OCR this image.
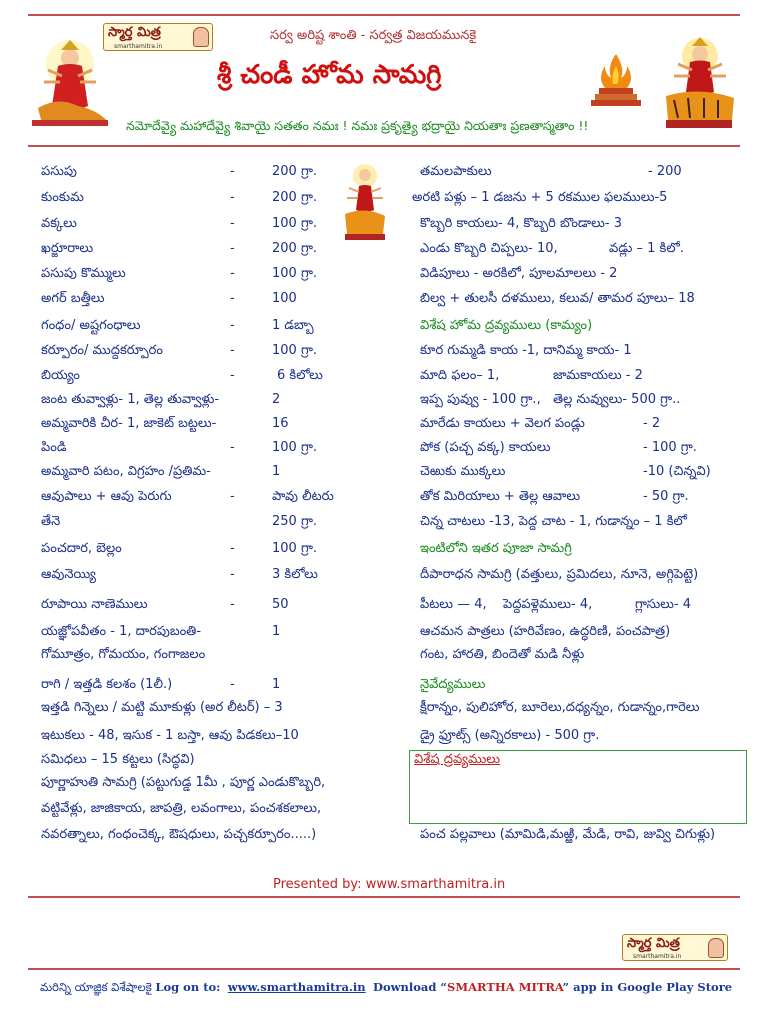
స్మార్త మిత్ర
smarthamitra.in
సర్వ అరిష్ట శాంతి - సర్వత్ర విజయమునకై
శ్రీ చండీ హోమ సామగ్రి
నమోదేవ్యై మహాదేవ్యై శివాయై సతతం నమః ! నమః ప్రకృత్యై భద్రాయై నియతాః ప్రణతాస్మతాం !!
పసుపు	-	200 గ్రా.
కుంకుమ	-	200 గ్రా.
వక్కలు	-	100 గ్రా.
ఖర్జూరాలు	-	200 గ్రా.
పసుపు కొమ్ములు	-	100 గ్రా.
అగర్ బత్తీలు	-	100
గంధం/ అష్టగంధాలు	-	1 డబ్బా
కర్పూరం/ ముద్దకర్పూరం	-	100 గ్రా.
బియ్యం	-	6 కిలోలు
జంట తువ్వాళ్లు- 1, తెల్ల తువ్వాళ్లు-	2
అమ్మవారికి చీర- 1, జాకెట్ బట్టలు-	16
పిండి	-	100 గ్రా.
అమ్మవారి పటం, విగ్రహం /ప్రతిమ-	1
ఆవుపాలు + ఆవు పెరుగు	-	పావు లీటరు
తేనె	250 గ్రా.
పంచదార, బెల్లం	-	100 గ్రా.
ఆవునెయ్యి	-	3 కిలోలు
రూపాయి నాణెములు	-	50
యజ్ఞోపవీతం - 1, దారపుబంతి-	1
గోమూత్రం, గోమయం, గంగాజలం
రాగి / ఇత్తడి కలశం (1లీ.)	-	1
ఇత్తడి గిన్నెలు / మట్టి మూకుళ్లు (అర లీటర్) – 3
ఇటుకలు - 48, ఇసుక - 1 బస్తా, ఆవు పిడకలు–10
సమిధలు – 15 కట్టలు (సిద్ధవి)
పూర్ణాహుతి సామగ్రి (పట్టుగుడ్డ 1మీ , పూర్ణ ఎండుకొబ్బరి,
వట్టివేళ్లు, జాజికాయ, జాపత్రి, లవంగాలు, పంచశకలాలు,
నవరత్నాలు, గంధంచెక్క, ఔషధులు, పచ్చకర్పూరం.....)
తమలపాకులు	- 200
అరటి పళ్లు – 1 డజను + 5 రకముల ఫలములు-5
కొబ్బరి కాయలు- 4, కొబ్బరి బొండాలు- 3
ఎండు కొబ్బరి చిప్పలు- 10,	వడ్లు – 1 కిలో.
విడిపూలు - అరకిలో, పూలమాలలు - 2
బిల్వ + తులసీ దళములు, కలువ/ తామర పూలు– 18
విశేష హోమ ద్రవ్యములు (కామ్యం)
కూర గుమ్మడి కాయ -1, దానిమ్మ కాయ- 1
మాది ఫలం– 1,	జామకాయలు - 2
ఇప్ప పువ్వు - 100 గ్రా., తెల్ల నువ్వులు- 500 గ్రా..
మారేడు కాయలు + వెలగ పండ్లు	- 2
పోక (పచ్చ వక్క) కాయలు	- 100 గ్రా.
చెఱుకు ముక్కలు	-10 (చిన్నవి)
తోక మిరియాలు + తెల్ల ఆవాలు	- 50 గ్రా.
చిన్న చాటలు -13, పెద్ద చాట - 1, గుడాన్నం – 1 కిలో
ఇంటిలోని ఇతర పూజా సామగ్రి
దీపారాధన సామగ్రి (వత్తులు, ప్రమిదలు, నూనె, అగ్గిపెట్టె)
పీటలు — 4, పెద్దపళ్లెములు- 4,	గ్లాసులు- 4
ఆచమన పాత్రలు (హరివేణం, ఉద్ధరిణి, పంచపాత్ర)
గంట, హారతి, బిందెతో మడి నీళ్లు
నైవేద్యములు
క్షీరాన్నం, పులిహోర, బూరెలు,దధ్యన్నం, గుడాన్నం,గారెలు
డ్రై ఫ్రూట్స్ (అన్నిరకాలు) - 500 గ్రా.
పంచ పల్లవాలు (మామిడి,మఱ్ఱి, మేడి, రావి, జువ్వి చిగుళ్లు)
విశేష ద్రవ్యములు
Presented by: www.smarthamitra.in
స్మార్త మిత్ర
smarthamitra.in
మరిన్ని యాజ్ఞిక విశేషాలకై Log on to: www.smarthamitra.in Download “SMARTHA MITRA” app in Google Play Store
